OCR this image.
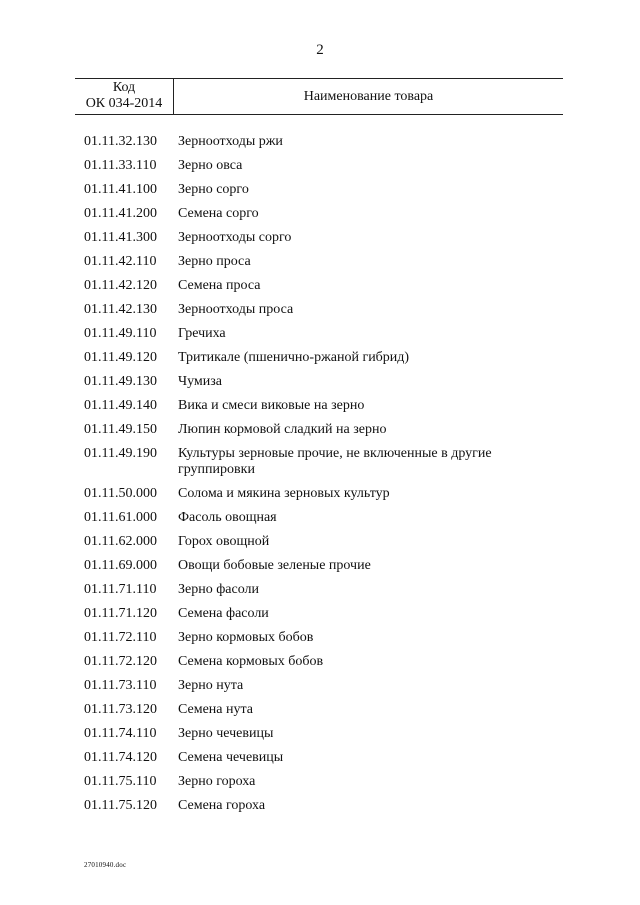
2
Код
ОК 034-2014	Наименование товара
01.11.32.130	Зерноотходы ржи
01.11.33.110	Зерно овса
01.11.41.100	Зерно сорго
01.11.41.200	Семена сорго
01.11.41.300	Зерноотходы сорго
01.11.42.110	Зерно проса
01.11.42.120	Семена проса
01.11.42.130	Зерноотходы проса
01.11.49.110	Гречиха
01.11.49.120	Тритикале (пшенично-ржаной гибрид)
01.11.49.130	Чумиза
01.11.49.140	Вика и смеси виковые на зерно
01.11.49.150	Люпин кормовой сладкий на зерно
01.11.49.190	Культуры зерновые прочие, не включенные в другие группировки
01.11.50.000	Солома и мякина зерновых культур
01.11.61.000	Фасоль овощная
01.11.62.000	Горох овощной
01.11.69.000	Овощи бобовые зеленые прочие
01.11.71.110	Зерно фасоли
01.11.71.120	Семена фасоли
01.11.72.110	Зерно кормовых бобов
01.11.72.120	Семена кормовых бобов
01.11.73.110	Зерно нута
01.11.73.120	Семена нута
01.11.74.110	Зерно чечевицы
01.11.74.120	Семена чечевицы
01.11.75.110	Зерно гороха
01.11.75.120	Семена гороха
27010940.doc
